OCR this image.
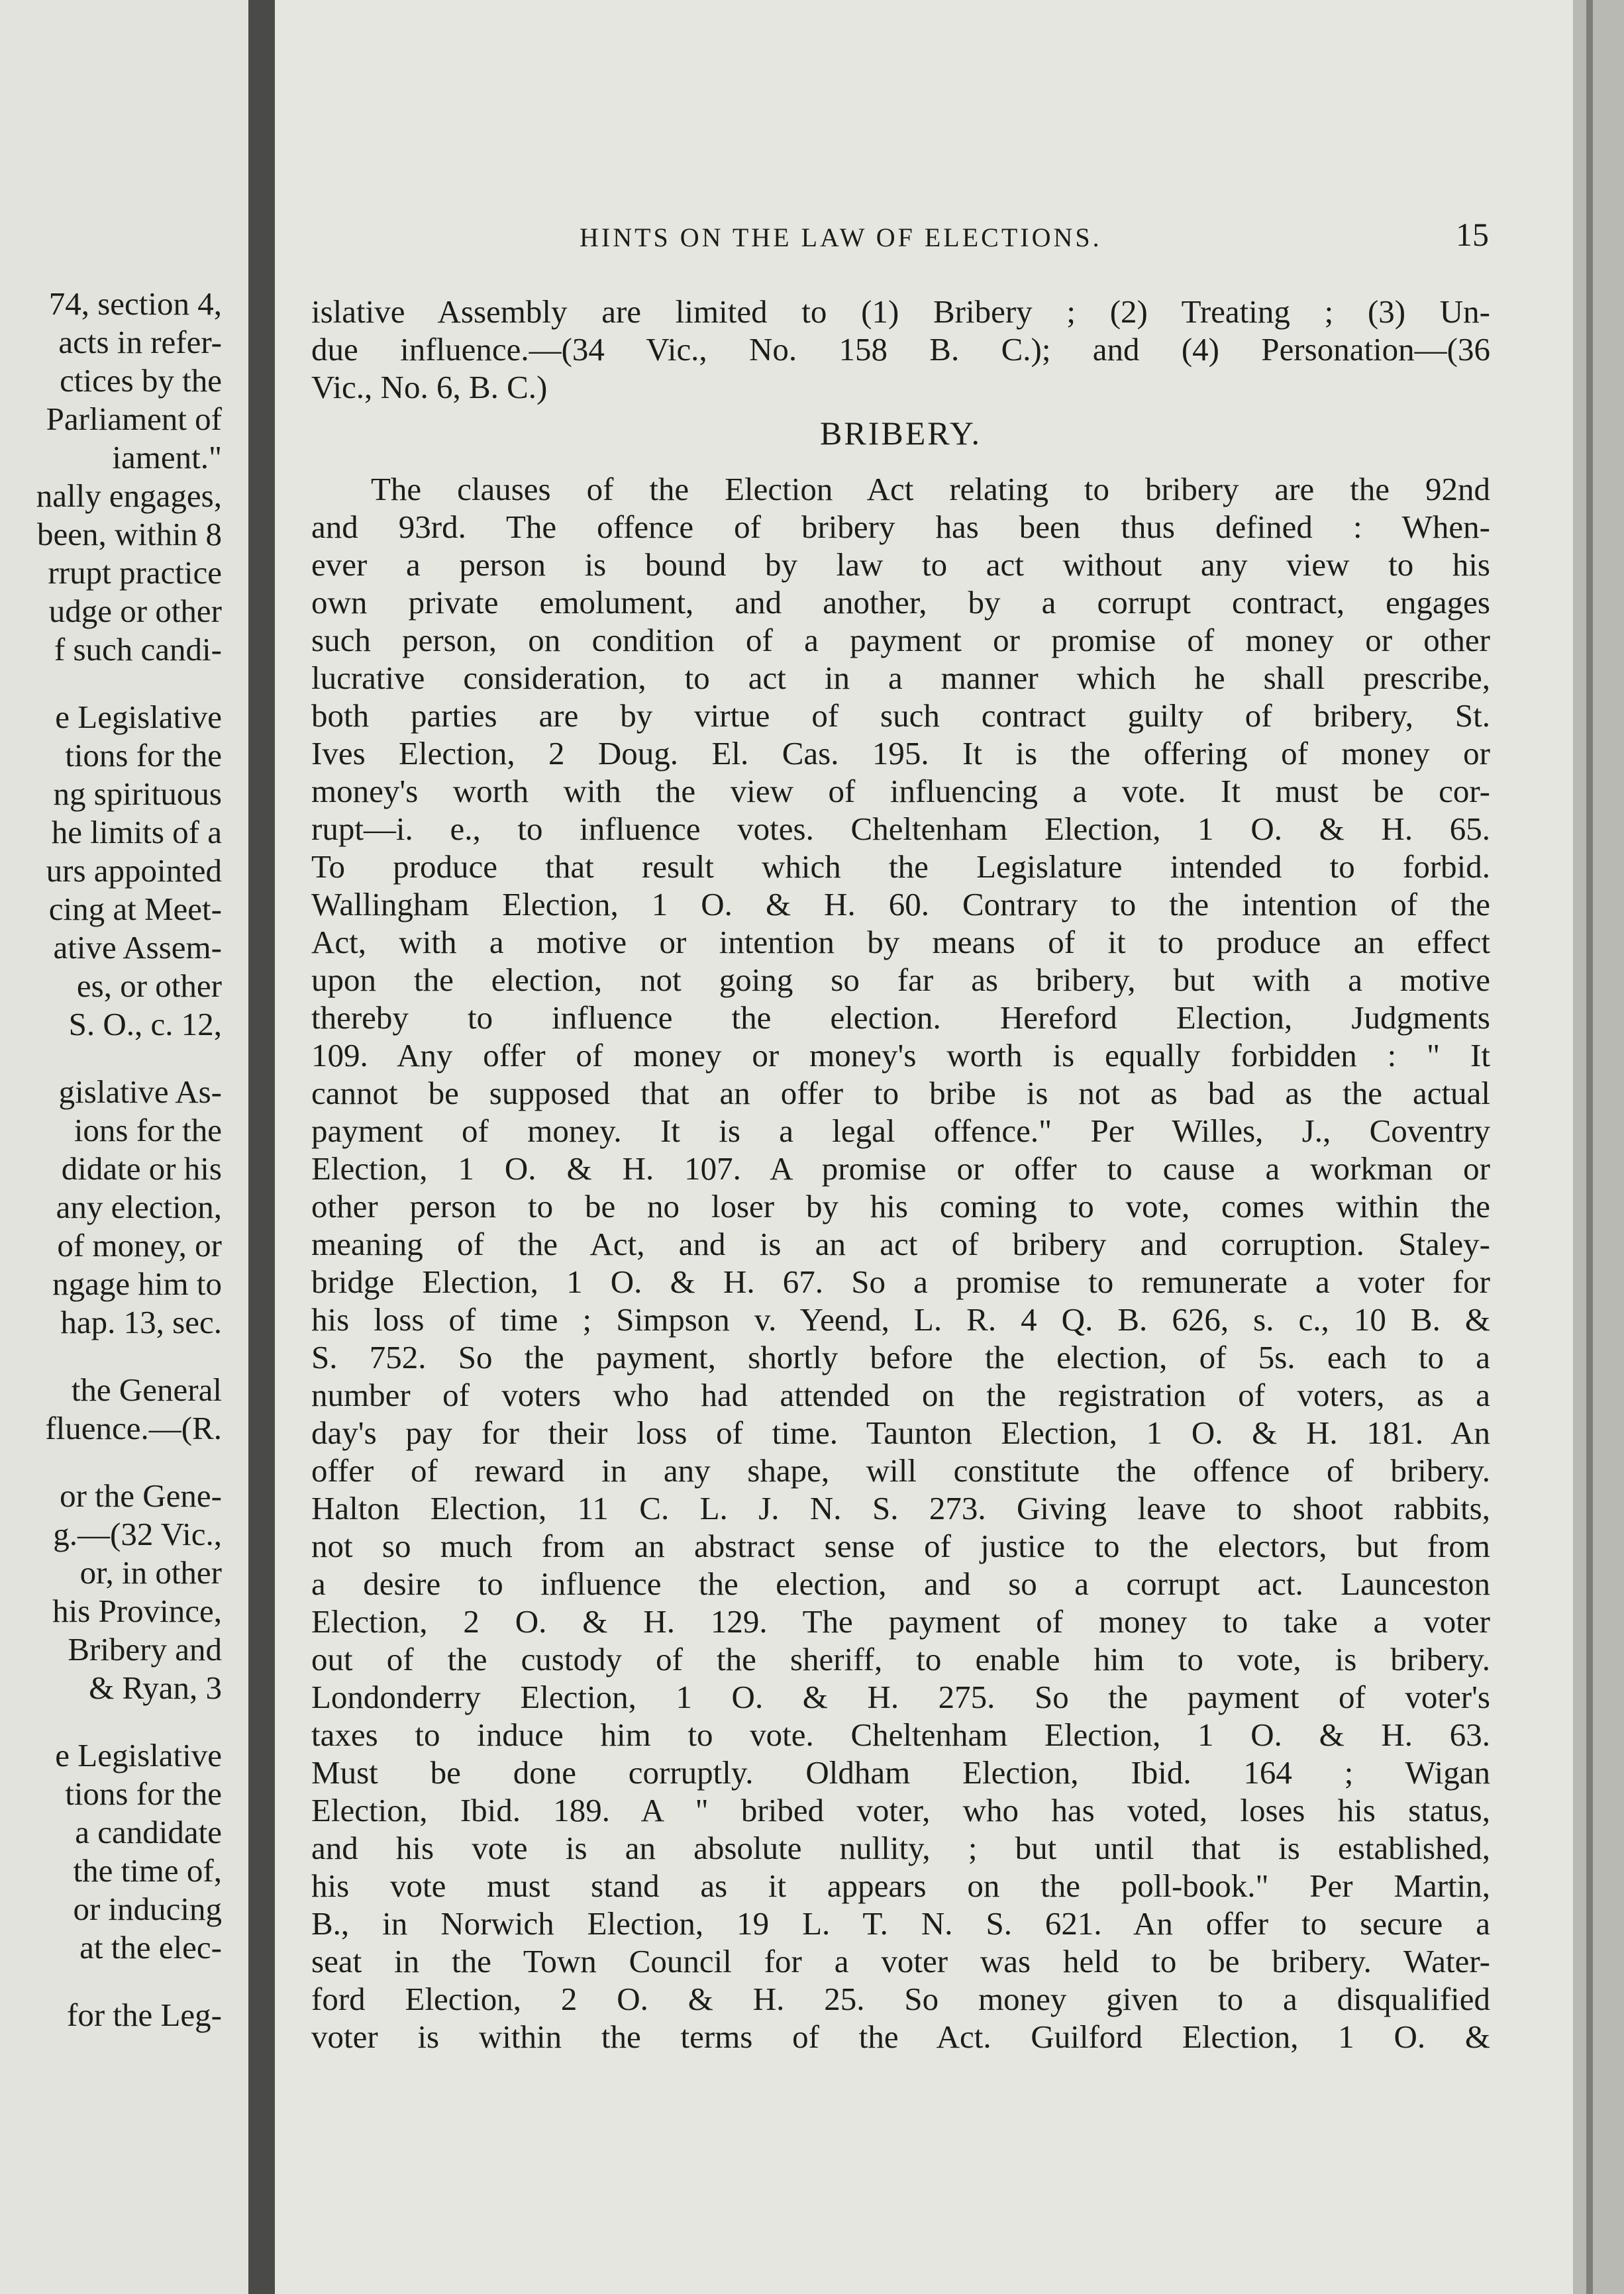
74, section 4,
acts in refer-
ctices by the
Parliament of
iament."
nally engages,
been, within 8
rrupt practice
udge or other
f such candi-
e Legislative
tions for the
ng spirituous
he limits of a
urs appointed
cing at Meet-
ative Assem-
es, or other
S. O., c. 12,
gislative As-
ions for the
didate or his
any election,
of money, or
ngage him to
hap. 13, sec.
the General
fluence.—(R.
or the Gene-
g.—(32 Vic.,
or, in other
his Province,
Bribery and
& Ryan, 3
e Legislative
tions for the
a candidate
the time of,
or inducing
at the elec-
for the Leg-
HINTS ON THE LAW OF ELECTIONS.	15
islative Assembly are limited to (1) Bribery ; (2) Treating ; (3) Un-
due influence.—(34 Vic., No. 158 B. C.); and (4) Personation—(36
Vic., No. 6, B. C.)
BRIBERY.
The clauses of the Election Act relating to bribery are the 92nd
and 93rd. The offence of bribery has been thus defined : When-
ever a person is bound by law to act without any view to his
own private emolument, and another, by a corrupt contract, engages
such person, on condition of a payment or promise of money or other
lucrative consideration, to act in a manner which he shall prescribe,
both parties are by virtue of such contract guilty of bribery, St.
Ives Election, 2 Doug. El. Cas. 195. It is the offering of money or
money's worth with the view of influencing a vote. It must be cor-
rupt—i. e., to influence votes. Cheltenham Election, 1 O. & H. 65.
To produce that result which the Legislature intended to forbid.
Wallingham Election, 1 O. & H. 60. Contrary to the intention of the
Act, with a motive or intention by means of it to produce an effect
upon the election, not going so far as bribery, but with a motive
thereby to influence the election. Hereford Election, Judgments
109. Any offer of money or money's worth is equally forbidden : " It
cannot be supposed that an offer to bribe is not as bad as the actual
payment of money. It is a legal offence." Per Willes, J., Coventry
Election, 1 O. & H. 107. A promise or offer to cause a workman or
other person to be no loser by his coming to vote, comes within the
meaning of the Act, and is an act of bribery and corruption. Staley-
bridge Election, 1 O. & H. 67. So a promise to remunerate a voter for
his loss of time ; Simpson v. Yeend, L. R. 4 Q. B. 626, s. c., 10 B. &
S. 752. So the payment, shortly before the election, of 5s. each to a
number of voters who had attended on the registration of voters, as a
day's pay for their loss of time. Taunton Election, 1 O. & H. 181. An
offer of reward in any shape, will constitute the offence of bribery.
Halton Election, 11 C. L. J. N. S. 273. Giving leave to shoot rabbits,
not so much from an abstract sense of justice to the electors, but from
a desire to influence the election, and so a corrupt act. Launceston
Election, 2 O. & H. 129. The payment of money to take a voter
out of the custody of the sheriff, to enable him to vote, is bribery.
Londonderry Election, 1 O. & H. 275. So the payment of voter's
taxes to induce him to vote. Cheltenham Election, 1 O. & H. 63.
Must be done corruptly. Oldham Election, Ibid. 164 ; Wigan
Election, Ibid. 189. A " bribed voter, who has voted, loses his status,
and his vote is an absolute nullity, ; but until that is established,
his vote must stand as it appears on the poll-book." Per Martin,
B., in Norwich Election, 19 L. T. N. S. 621. An offer to secure a
seat in the Town Council for a voter was held to be bribery. Water-
ford Election, 2 O. & H. 25. So money given to a disqualified
voter is within the terms of the Act. Guilford Election, 1 O. &
